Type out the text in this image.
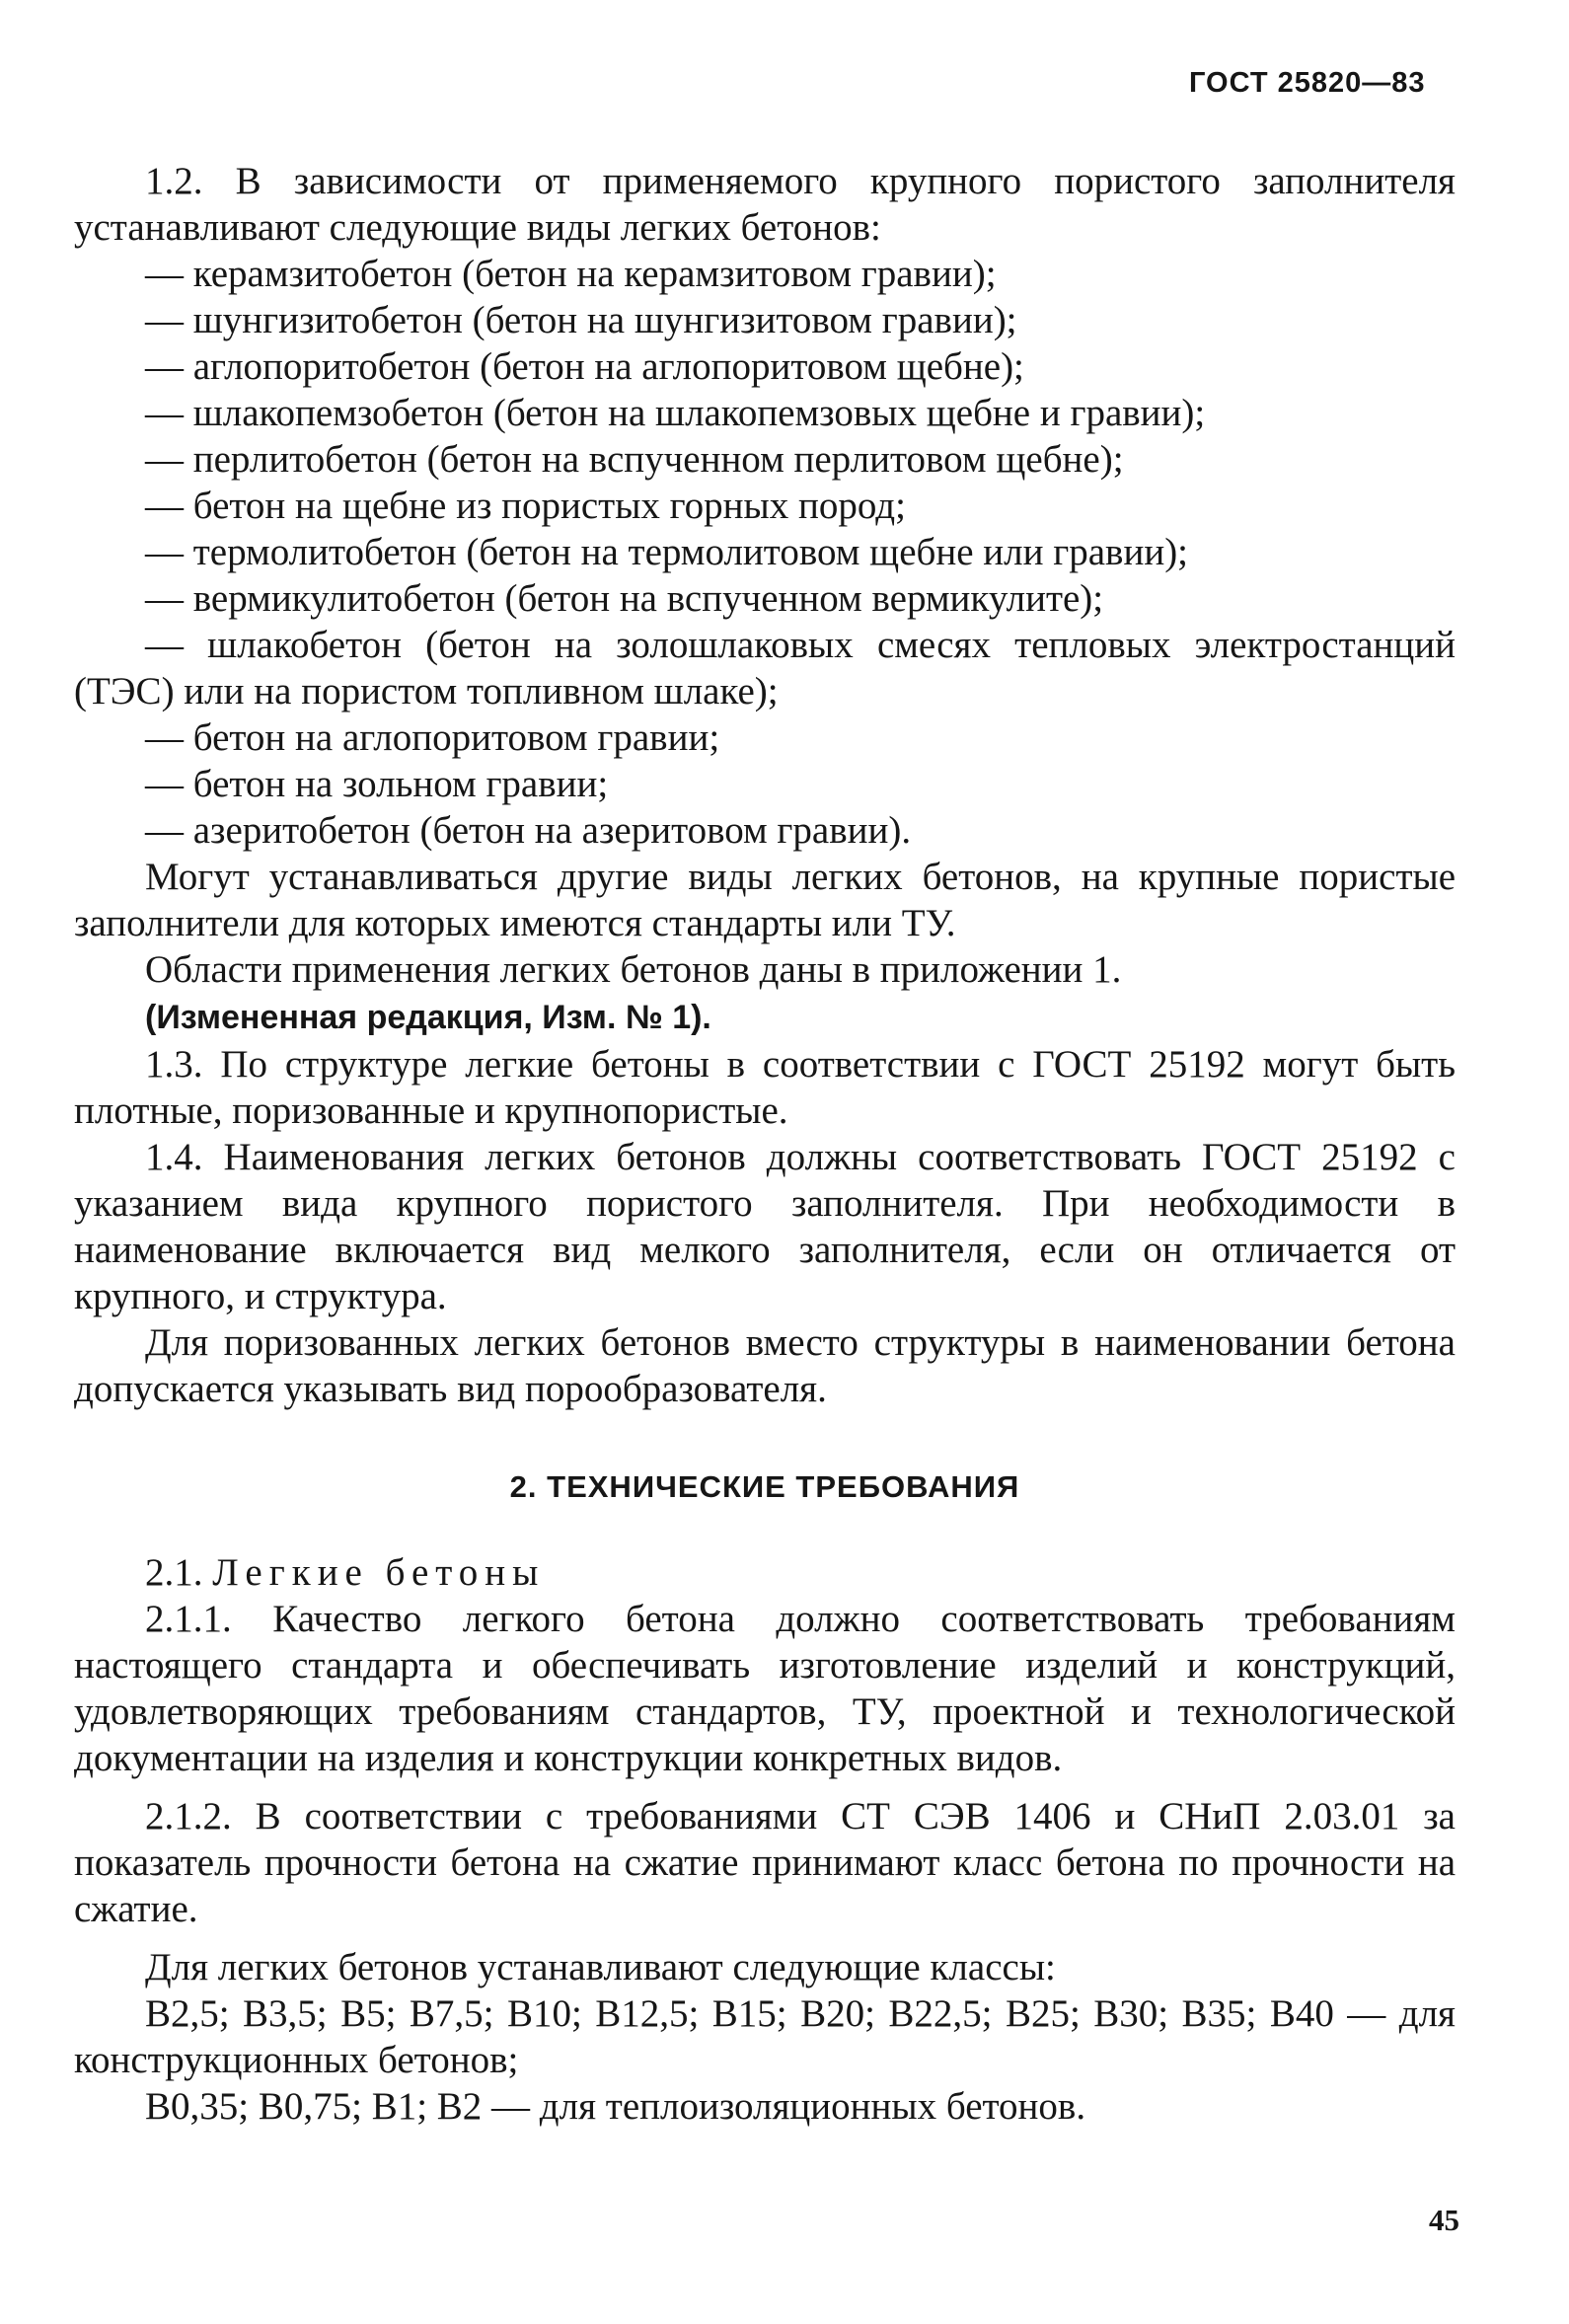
ГОСТ 25820—83

1.2. В зависимости от применяемого крупного пористого заполнителя устанавливают следующие виды легких бетонов:

— керамзитобетон (бетон на керамзитовом гравии);

— шунгизитобетон (бетон на шунгизитовом гравии);

— аглопоритобетон (бетон на аглопоритовом щебне);

— шлакопемзобетон (бетон на шлакопемзовых щебне и гравии);

— перлитобетон (бетон на вспученном перлитовом щебне);

— бетон на щебне из пористых горных пород;

— термолитобетон (бетон на термолитовом щебне или гравии);

— вермикулитобетон (бетон на вспученном вермикулите);

— шлакобетон (бетон на золошлаковых смесях тепловых электростанций (ТЭС) или на пористом топливном шлаке);

— бетон на аглопоритовом гравии;

— бетон на зольном гравии;

— азеритобетон (бетон на азеритовом гравии).

Могут устанавливаться другие виды легких бетонов, на крупные пористые заполнители для которых имеются стандарты или ТУ.

Области применения легких бетонов даны в приложении 1.

(Измененная редакция, Изм. № 1).

1.3. По структуре легкие бетоны в соответствии с ГОСТ 25192 могут быть плотные, поризованные и крупнопористые.

1.4. Наименования легких бетонов должны соответствовать ГОСТ 25192 с указанием вида крупного пористого заполнителя. При необходимости в наименование включается вид мелкого заполнителя, если он отличается от крупного, и структура.

Для поризованных легких бетонов вместо структуры в наименовании бетона допускается указывать вид порообразователя.

2. ТЕХНИЧЕСКИЕ ТРЕБОВАНИЯ

2.1. Легкие бетоны

2.1.1. Качество легкого бетона должно соответствовать требованиям настоящего стандарта и обеспечивать изготовление изделий и конструкций, удовлетворяющих требованиям стандартов, ТУ, проектной и технологической документации на изделия и конструкции конкретных видов.

2.1.2. В соответствии с требованиями СТ СЭВ 1406 и СНиП 2.03.01 за показатель прочности бетона на сжатие принимают класс бетона по прочности на сжатие.

Для легких бетонов устанавливают следующие классы:

В2,5; В3,5; В5; В7,5; В10; В12,5; В15; В20; В22,5; В25; В30; В35; В40 — для конструкционных бетонов;

В0,35; В0,75; В1; В2 — для теплоизоляционных бетонов.

45
